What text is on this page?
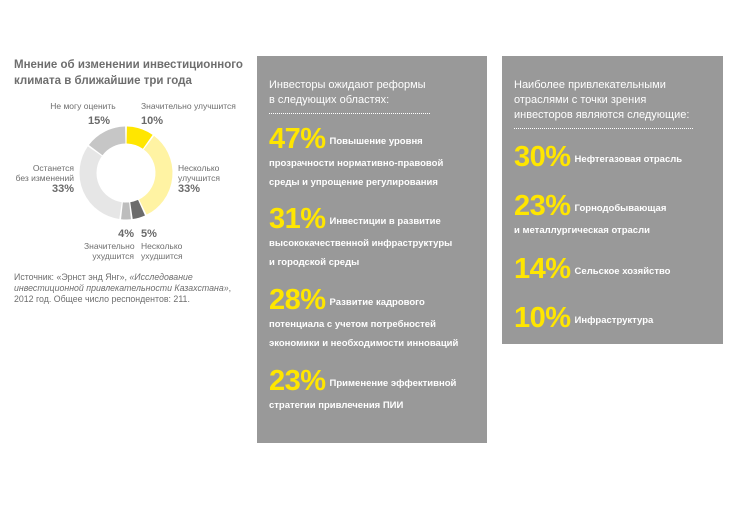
Мнение об изменении инвестиционного климата в ближайшие три года
Не могу оценить
15%
Значительно улучшится
10%
Несколько
улучшится
33%
Останется
без изменений
33%
4%
Значительно
ухудшится
5%
Несколько
ухудшится
Источник: «Эрнст энд Янг», «Исследование инвестиционной привлекательности Казахстана», 2012 год. Общее число респондентов: 211.
Инвесторы ожидают реформы
в следующих областях:
47% Повышение уровня
прозрачности нормативно-правовой
среды и упрощение регулирования
31% Инвестиции в развитие
высококачественной инфраструктуры
и городской среды
28% Развитие кадрового
потенциала с учетом потребностей
экономики и необходимости инноваций
23% Применение эффективной
стратегии привлечения ПИИ
Наиболее привлекательными
отраслями с точки зрения
инвесторов являются следующие:
30% Нефтегазовая отрасль
23% Горнодобывающая
и металлургическая отрасли
14% Сельское хозяйство
10% Инфраструктура
